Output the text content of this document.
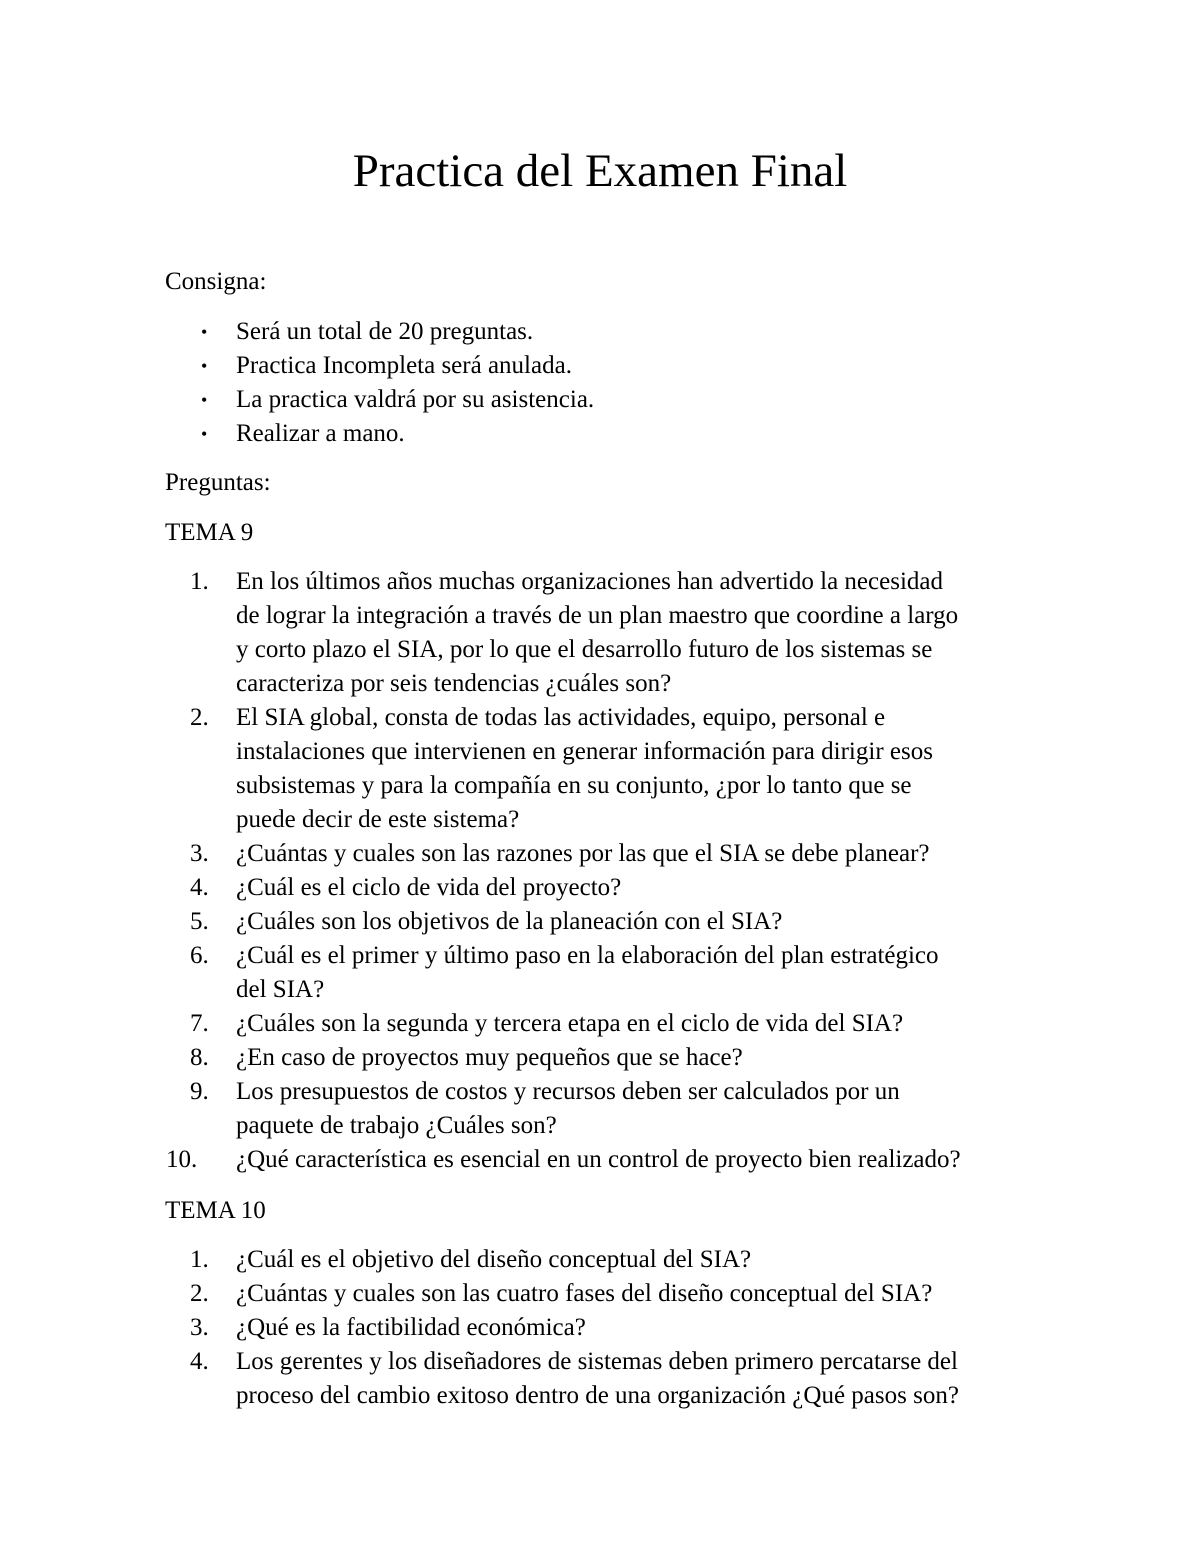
Practica del Examen Final
Consigna:
•	Será un total de 20 preguntas.
•	Practica Incompleta será anulada.
•	La practica valdrá por su asistencia.
•	Realizar a mano.
Preguntas:
TEMA 9
1.	En los últimos años muchas organizaciones han advertido la necesidad
de lograr la integración a través de un plan maestro que coordine a largo
y corto plazo el SIA, por lo que el desarrollo futuro de los sistemas se
caracteriza por seis tendencias ¿cuáles son?
2.	El SIA global, consta de todas las actividades, equipo, personal e
instalaciones que intervienen en generar información para dirigir esos
subsistemas y para la compañía en su conjunto, ¿por lo tanto que se
puede decir de este sistema?
3.	¿Cuántas y cuales son las razones por las que el SIA se debe planear?
4.	¿Cuál es el ciclo de vida del proyecto?
5.	¿Cuáles son los objetivos de la planeación con el SIA?
6.	¿Cuál es el primer y último paso en la elaboración del plan estratégico
del SIA?
7.	¿Cuáles son la segunda y tercera etapa en el ciclo de vida del SIA?
8.	¿En caso de proyectos muy pequeños que se hace?
9.	Los presupuestos de costos y recursos deben ser calculados por un
paquete de trabajo ¿Cuáles son?
10.	¿Qué característica es esencial en un control de proyecto bien realizado?
TEMA 10
1.	¿Cuál es el objetivo del diseño conceptual del SIA?
2.	¿Cuántas y cuales son las cuatro fases del diseño conceptual del SIA?
3.	¿Qué es la factibilidad económica?
4.	Los gerentes y los diseñadores de sistemas deben primero percatarse del
proceso del cambio exitoso dentro de una organización ¿Qué pasos son?
